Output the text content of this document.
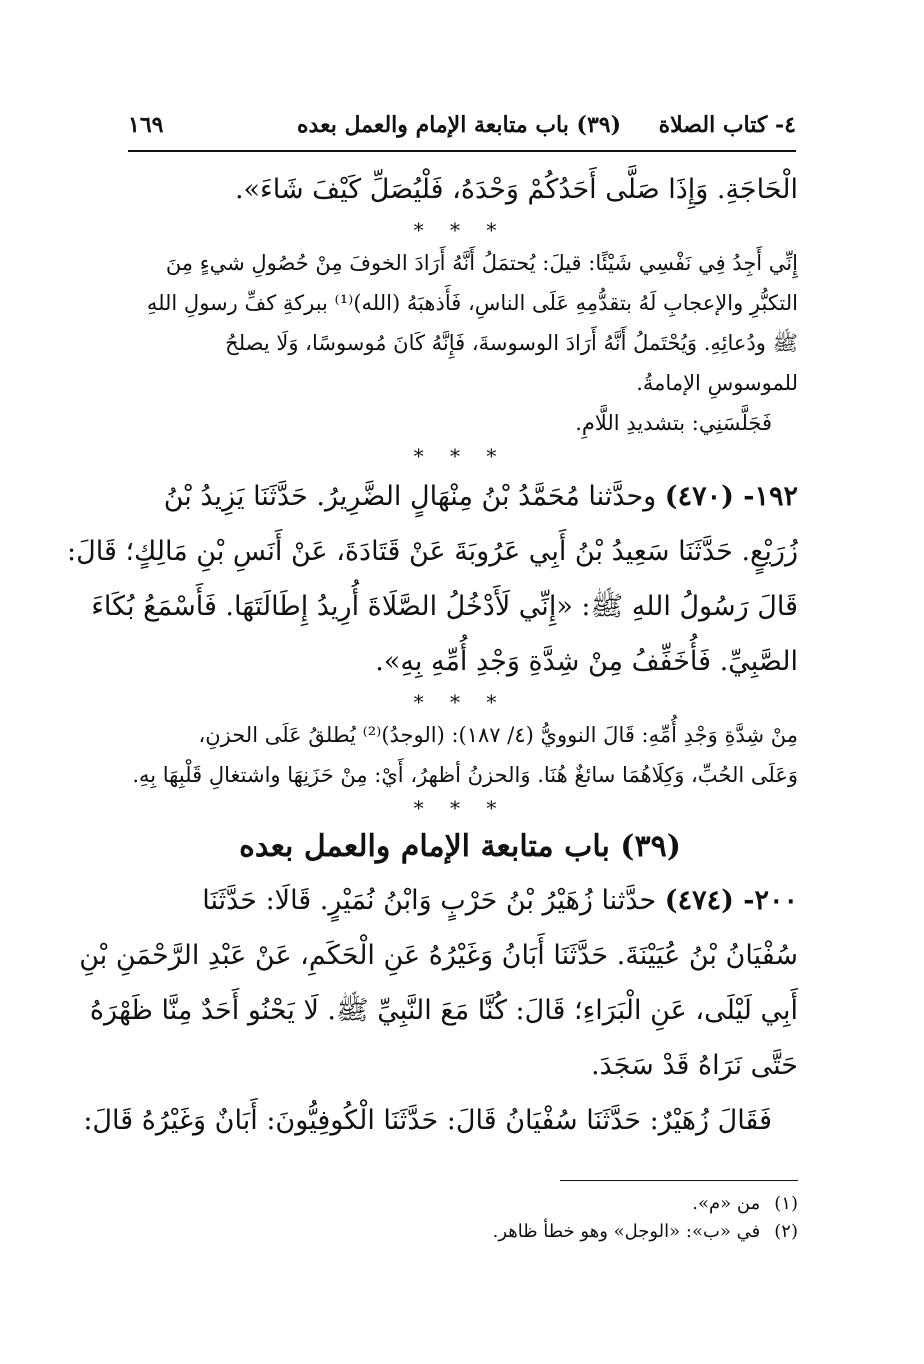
٤- كتاب الصلاة
(٣٩) باب متابعة الإمام والعمل بعده
١٦٩
الْحَاجَةِ. وَإِذَا صَلَّى أَحَدُكُمْ وَحْدَهُ، فَلْيُصَلِّ كَيْفَ شَاءَ».
* * *
إِنِّي أَجِدُ فِي نَفْسِي شَيْئًا: قيلَ: يُحتمَلُ أَنَّهُ أَرَادَ الخوفَ مِنْ حُصُولِ شيءٍ مِنَ
التكبُّرِ والإعجابِ لَهُ بتقدُّمِهِ عَلَى الناسِ، فَأَذهبَهُ (الله)⁽¹⁾ ببركةِ كفِّ رسولِ اللهِ
ﷺ ودُعائِهِ. وَيُحْتَملُ أَنَّهُ أَرَادَ الوسوسةَ، فَإِنَّهُ كَانَ مُوسوسًا، وَلَا يصلحُ
للموسوسِ الإمامةُ.
فَجَلَّسَنِي: بتشديدِ اللَّامِ.
* * *
١٩٢- (٤٧٠) وحدَّثنا مُحَمَّدُ بْنُ مِنْهَالٍ الضَّرِيرُ. حَدَّثَنَا يَزِيدُ بْنُ
زُرَيْعٍ. حَدَّثَنَا سَعِيدُ بْنُ أَبِي عَرُوبَةَ عَنْ قَتَادَةَ، عَنْ أَنَسِ بْنِ مَالِكٍ؛ قَالَ:
قَالَ رَسُولُ اللهِ ﷺ: «إِنِّي لَأَدْخُلُ الصَّلَاةَ أُرِيدُ إِطَالَتَهَا. فَأَسْمَعُ بُكَاءَ
الصَّبِيِّ. فَأُخَفِّفُ مِنْ شِدَّةِ وَجْدِ أُمِّهِ بِهِ».
* * *
مِنْ شِدَّةِ وَجْدِ أُمِّهِ: قَالَ النوويُّ (٤/ ١٨٧): (الوجدُ)⁽²⁾ يُطلقُ عَلَى الحزنِ،
وَعَلَى الحُبِّ، وَكِلَاهُمَا سائغٌ هُنَا. وَالحزنُ أظهرُ، أَيْ: مِنْ حَزَنِهَا واشتغالِ قَلْبِهَا بِهِ.
* * *
(٣٩) باب متابعة الإمام والعمل بعده
٢٠٠- (٤٧٤) حدَّثنا زُهَيْرُ بْنُ حَرْبٍ وَابْنُ نُمَيْرٍ. قَالَا: حَدَّثَنَا
سُفْيَانُ بْنُ عُيَيْنَةَ. حَدَّثَنَا أَبَانُ وَغَيْرُهُ عَنِ الْحَكَمِ، عَنْ عَبْدِ الرَّحْمَنِ بْنِ
أَبِي لَيْلَى، عَنِ الْبَرَاءِ؛ قَالَ: كُنَّا مَعَ النَّبِيِّ ﷺ. لَا يَحْنُو أَحَدٌ مِنَّا ظَهْرَهُ
حَتَّى نَرَاهُ قَدْ سَجَدَ.
فَقَالَ زُهَيْرٌ: حَدَّثَنَا سُفْيَانُ قَالَ: حَدَّثَنَا الْكُوفِيُّونَ: أَبَانٌ وَغَيْرُهُ قَالَ:
(١)من «م».
(٢)في «ب»: «الوجل» وهو خطأ ظاهر.
